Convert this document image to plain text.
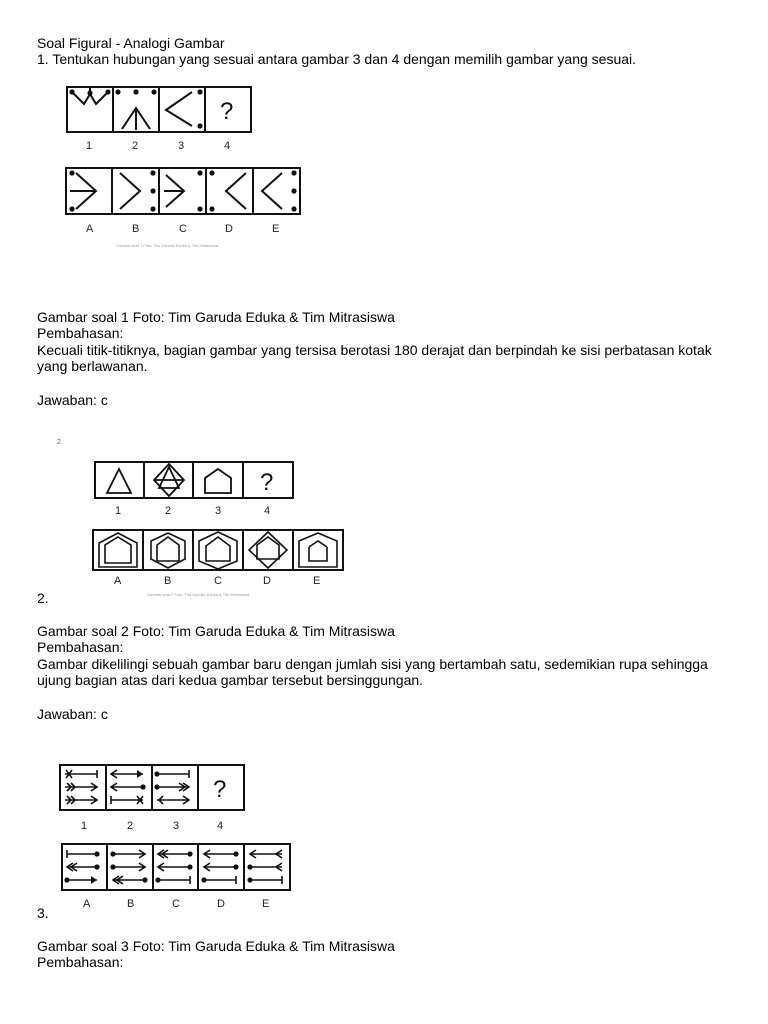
Soal Figural - Analogi Gambar
1. Tentukan hubungan yang sesuai antara gambar 3 dan 4 dengan memilih gambar yang sesuai.
?
1	2	3	4
A	B	C	D	E
Gambar soal 1 Foto: Tim Garuda Eduka & Tim Mitrasiswa
Gambar soal 1 Foto: Tim Garuda Eduka & Tim Mitrasiswa
Pembahasan:
Kecuali titik-titiknya, bagian gambar yang tersisa berotasi 180 derajat dan berpindah ke sisi perbatasan kotak yang berlawanan.
Jawaban: c
2.
?
1	2	3	4
A	B	C	D	E
Gambar soal 2 Foto: Tim Garuda Eduka & Tim Mitrasiswa
2.
Gambar soal 2 Foto: Tim Garuda Eduka & Tim Mitrasiswa
Pembahasan:
Gambar dikelilingi sebuah gambar baru dengan jumlah sisi yang bertambah satu, sedemikian rupa sehingga ujung bagian atas dari kedua gambar tersebut bersinggungan.
Jawaban: c
?
1	2	3	4
A	B	C	D	E
3.
Gambar soal 3 Foto: Tim Garuda Eduka & Tim Mitrasiswa
Pembahasan:
